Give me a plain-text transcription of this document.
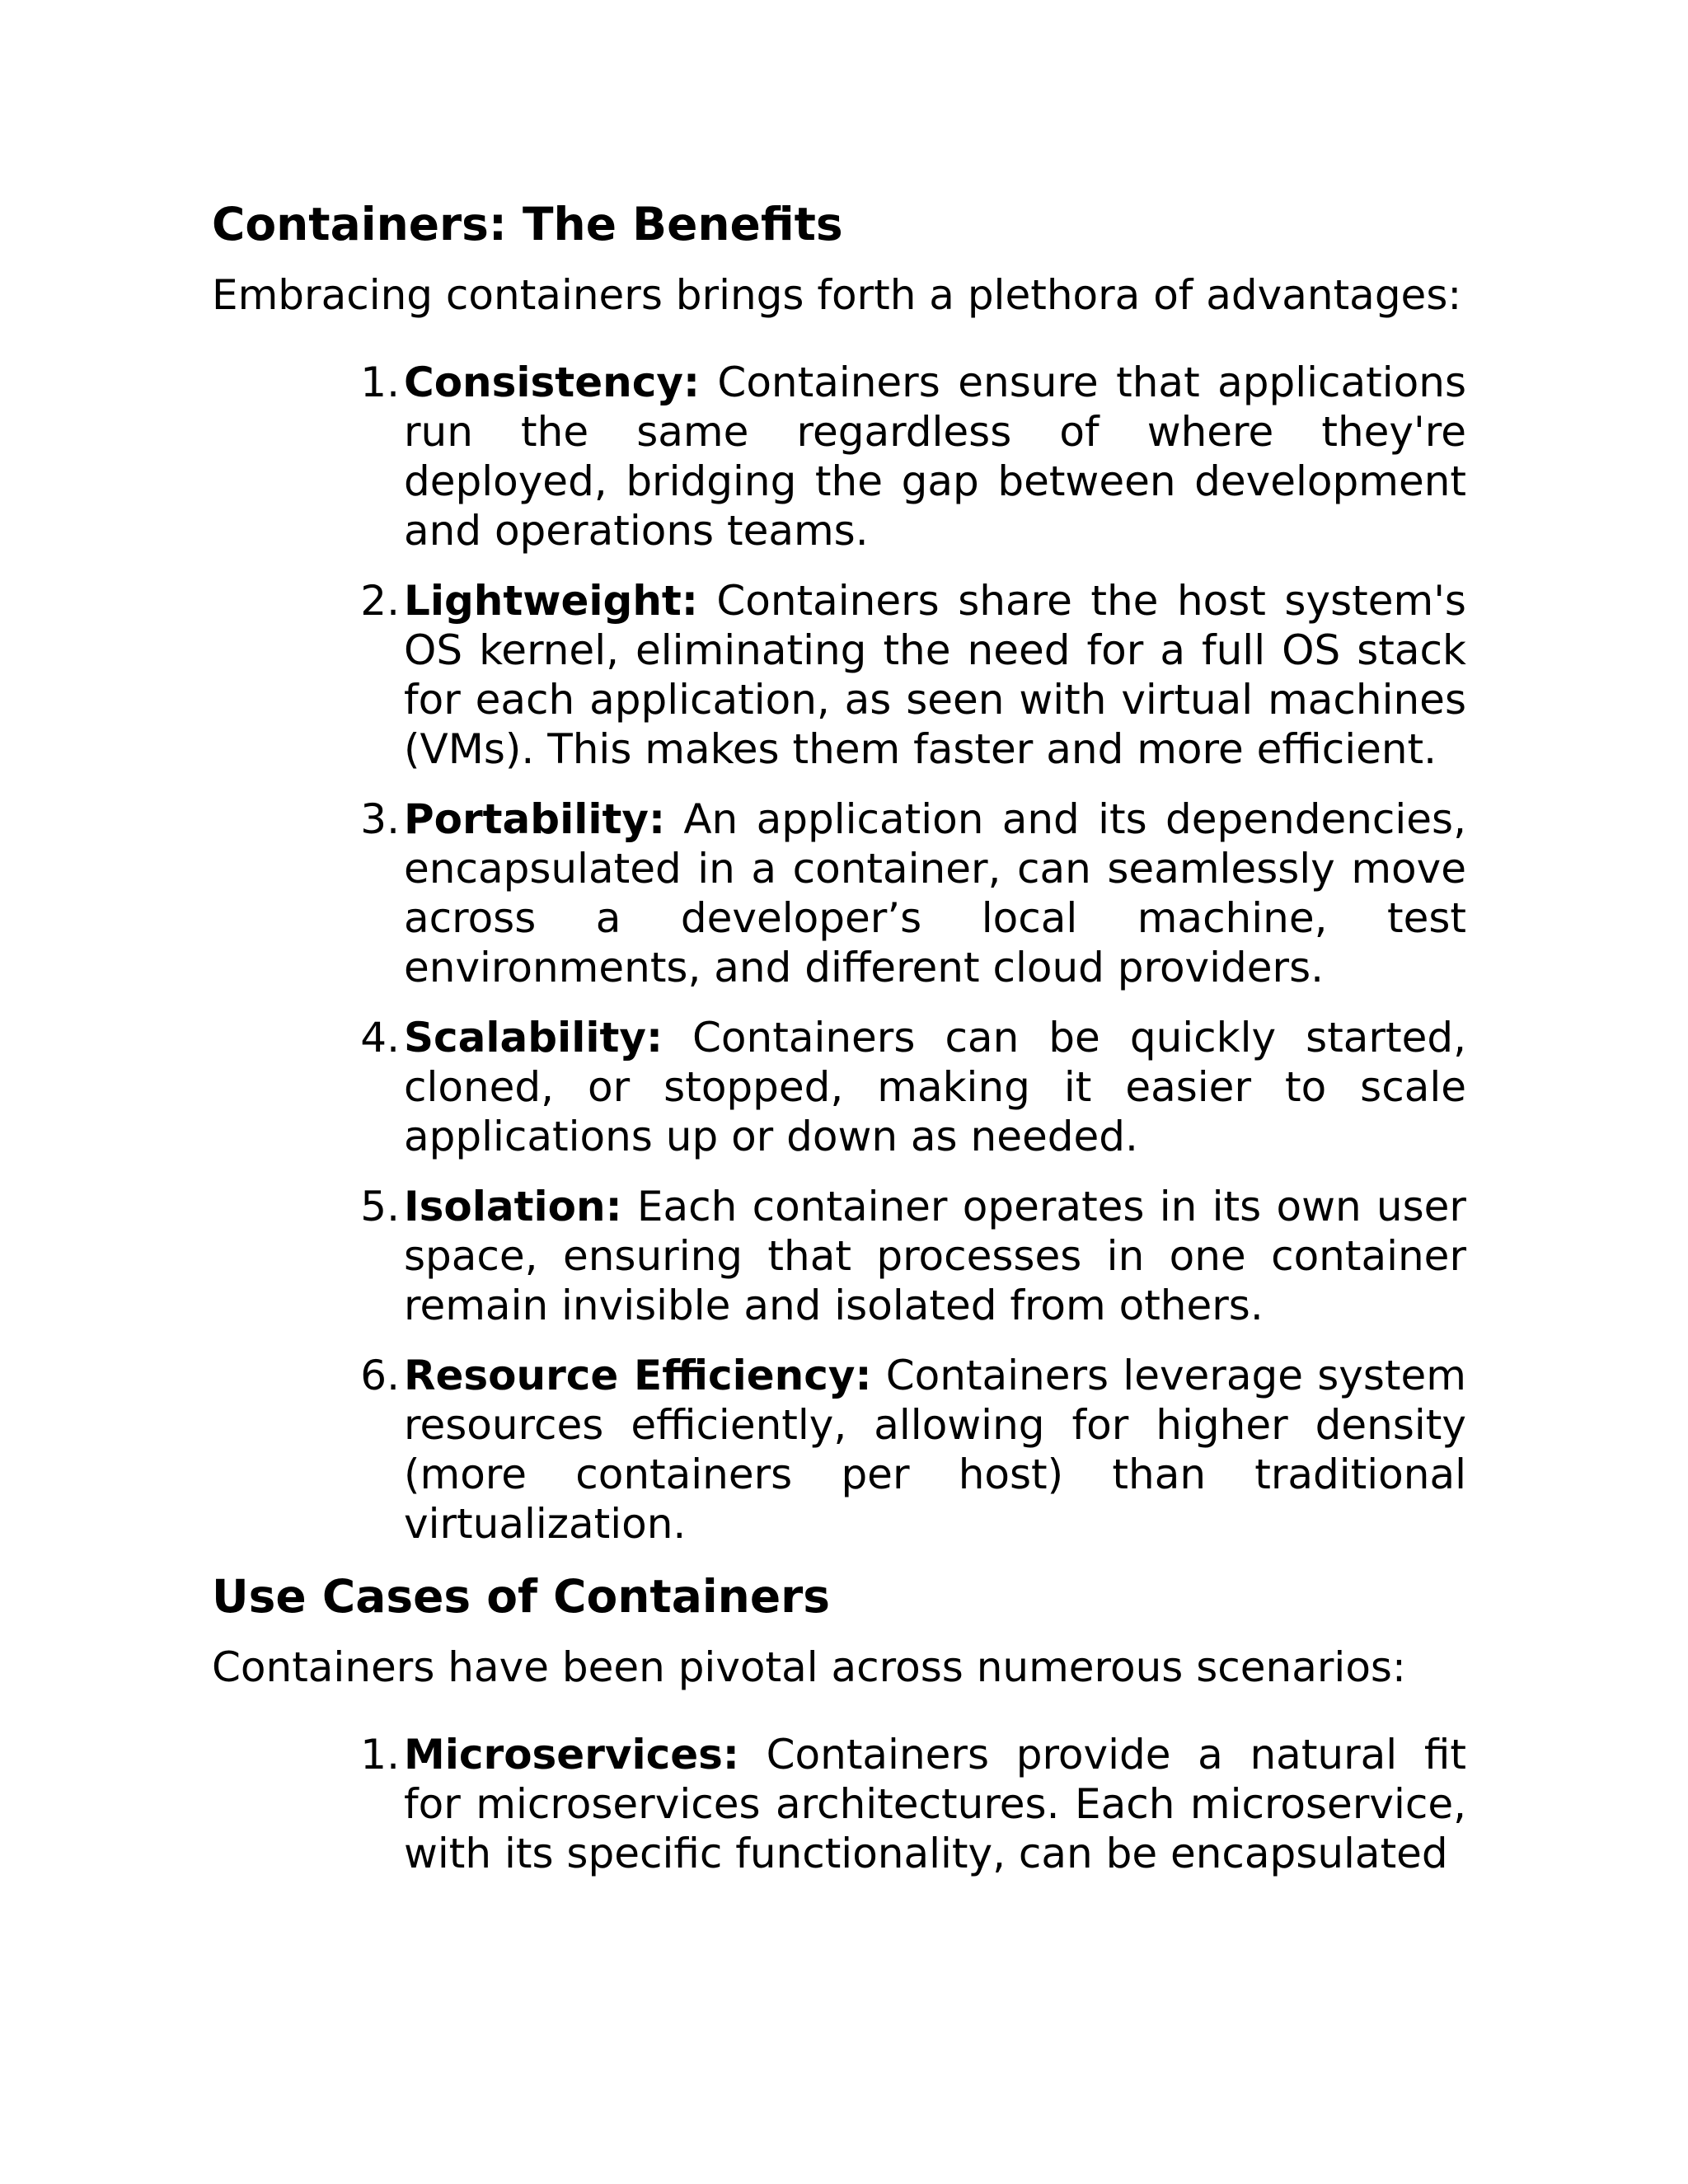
Containers: The Benefits

Embracing containers brings forth a plethora of advantages:

1. Consistency: Containers ensure that applications run the same regardless of where they're deployed, bridging the gap between development and operations teams.
2. Lightweight: Containers share the host system's OS kernel, eliminating the need for a full OS stack for each application, as seen with virtual machines (VMs). This makes them faster and more efficient.
3. Portability: An application and its dependencies, encapsulated in a container, can seamlessly move across a developer’s local machine, test environments, and different cloud providers.
4. Scalability: Containers can be quickly started, cloned, or stopped, making it easier to scale applications up or down as needed.
5. Isolation: Each container operates in its own user space, ensuring that processes in one container remain invisible and isolated from others.
6. Resource Efficiency: Containers leverage system resources efficiently, allowing for higher density (more containers per host) than traditional virtualization.
Use Cases of Containers

Containers have been pivotal across numerous scenarios:

1. Microservices: Containers provide a natural fit for microservices architectures. Each microservice, with its specific functionality, can be encapsulated
